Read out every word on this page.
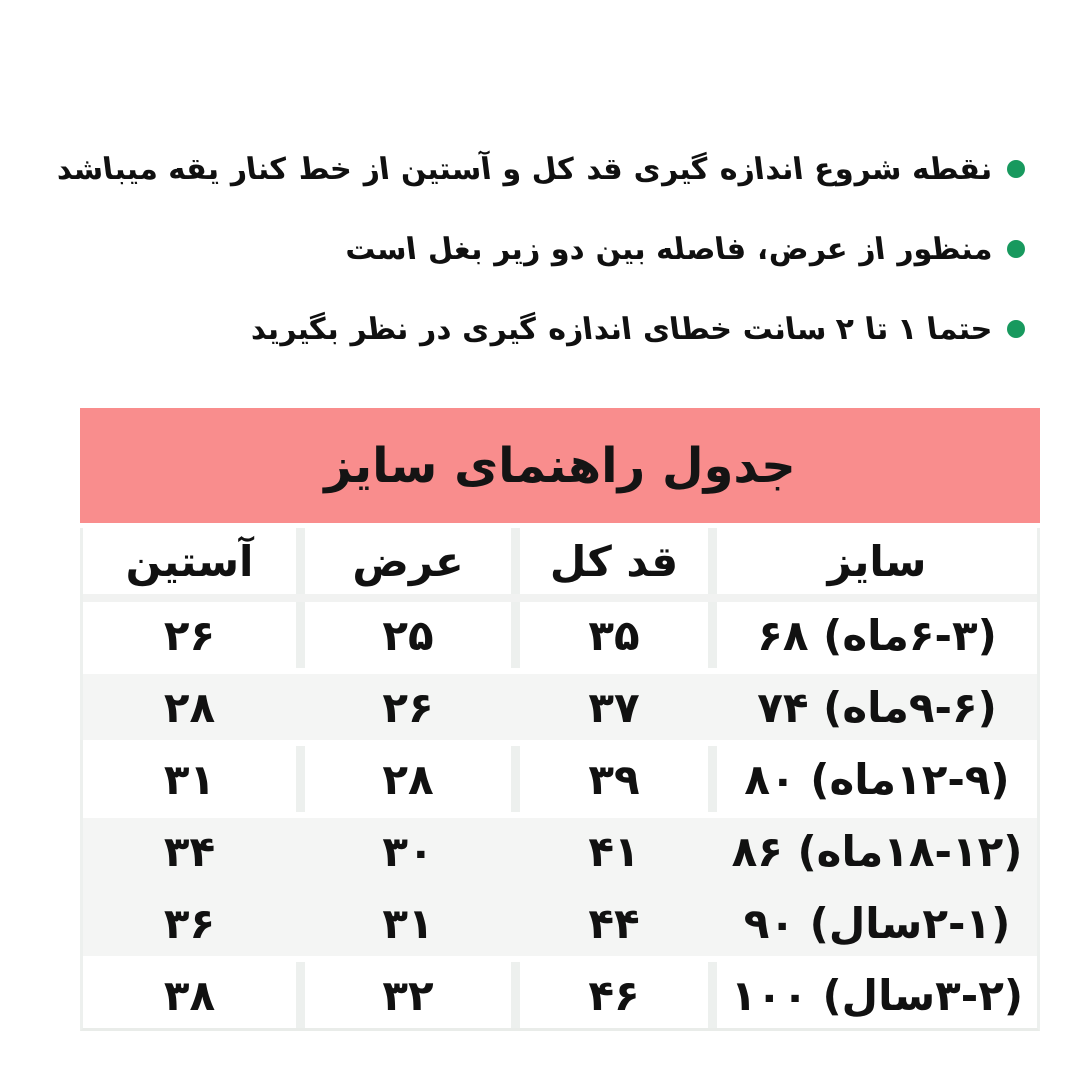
نقطه شروع اندازه گیری قد کل و آستین از خط کنار یقه میباشد
منظور از عرض، فاصله بین دو زیر بغل است
حتما ۱ تا ۲ سانت خطای اندازه گیری در نظر بگیرید
جدول راهنمای سایز
سایز
قد کل
عرض
آستین
(۶-۳ماه) ۶۸
۳۵
۲۵
۲۶
(۹-۶ماه) ۷۴
۳۷
۲۶
۲۸
(۱۲-۹ماه) ۸۰
۳۹
۲۸
۳۱
(۱۸-۱۲ماه) ۸۶
۴۱
۳۰
۳۴
(۲-۱سال) ۹۰
۴۴
۳۱
۳۶
(۳-۲سال) ۱۰۰
۴۶
۳۲
۳۸
